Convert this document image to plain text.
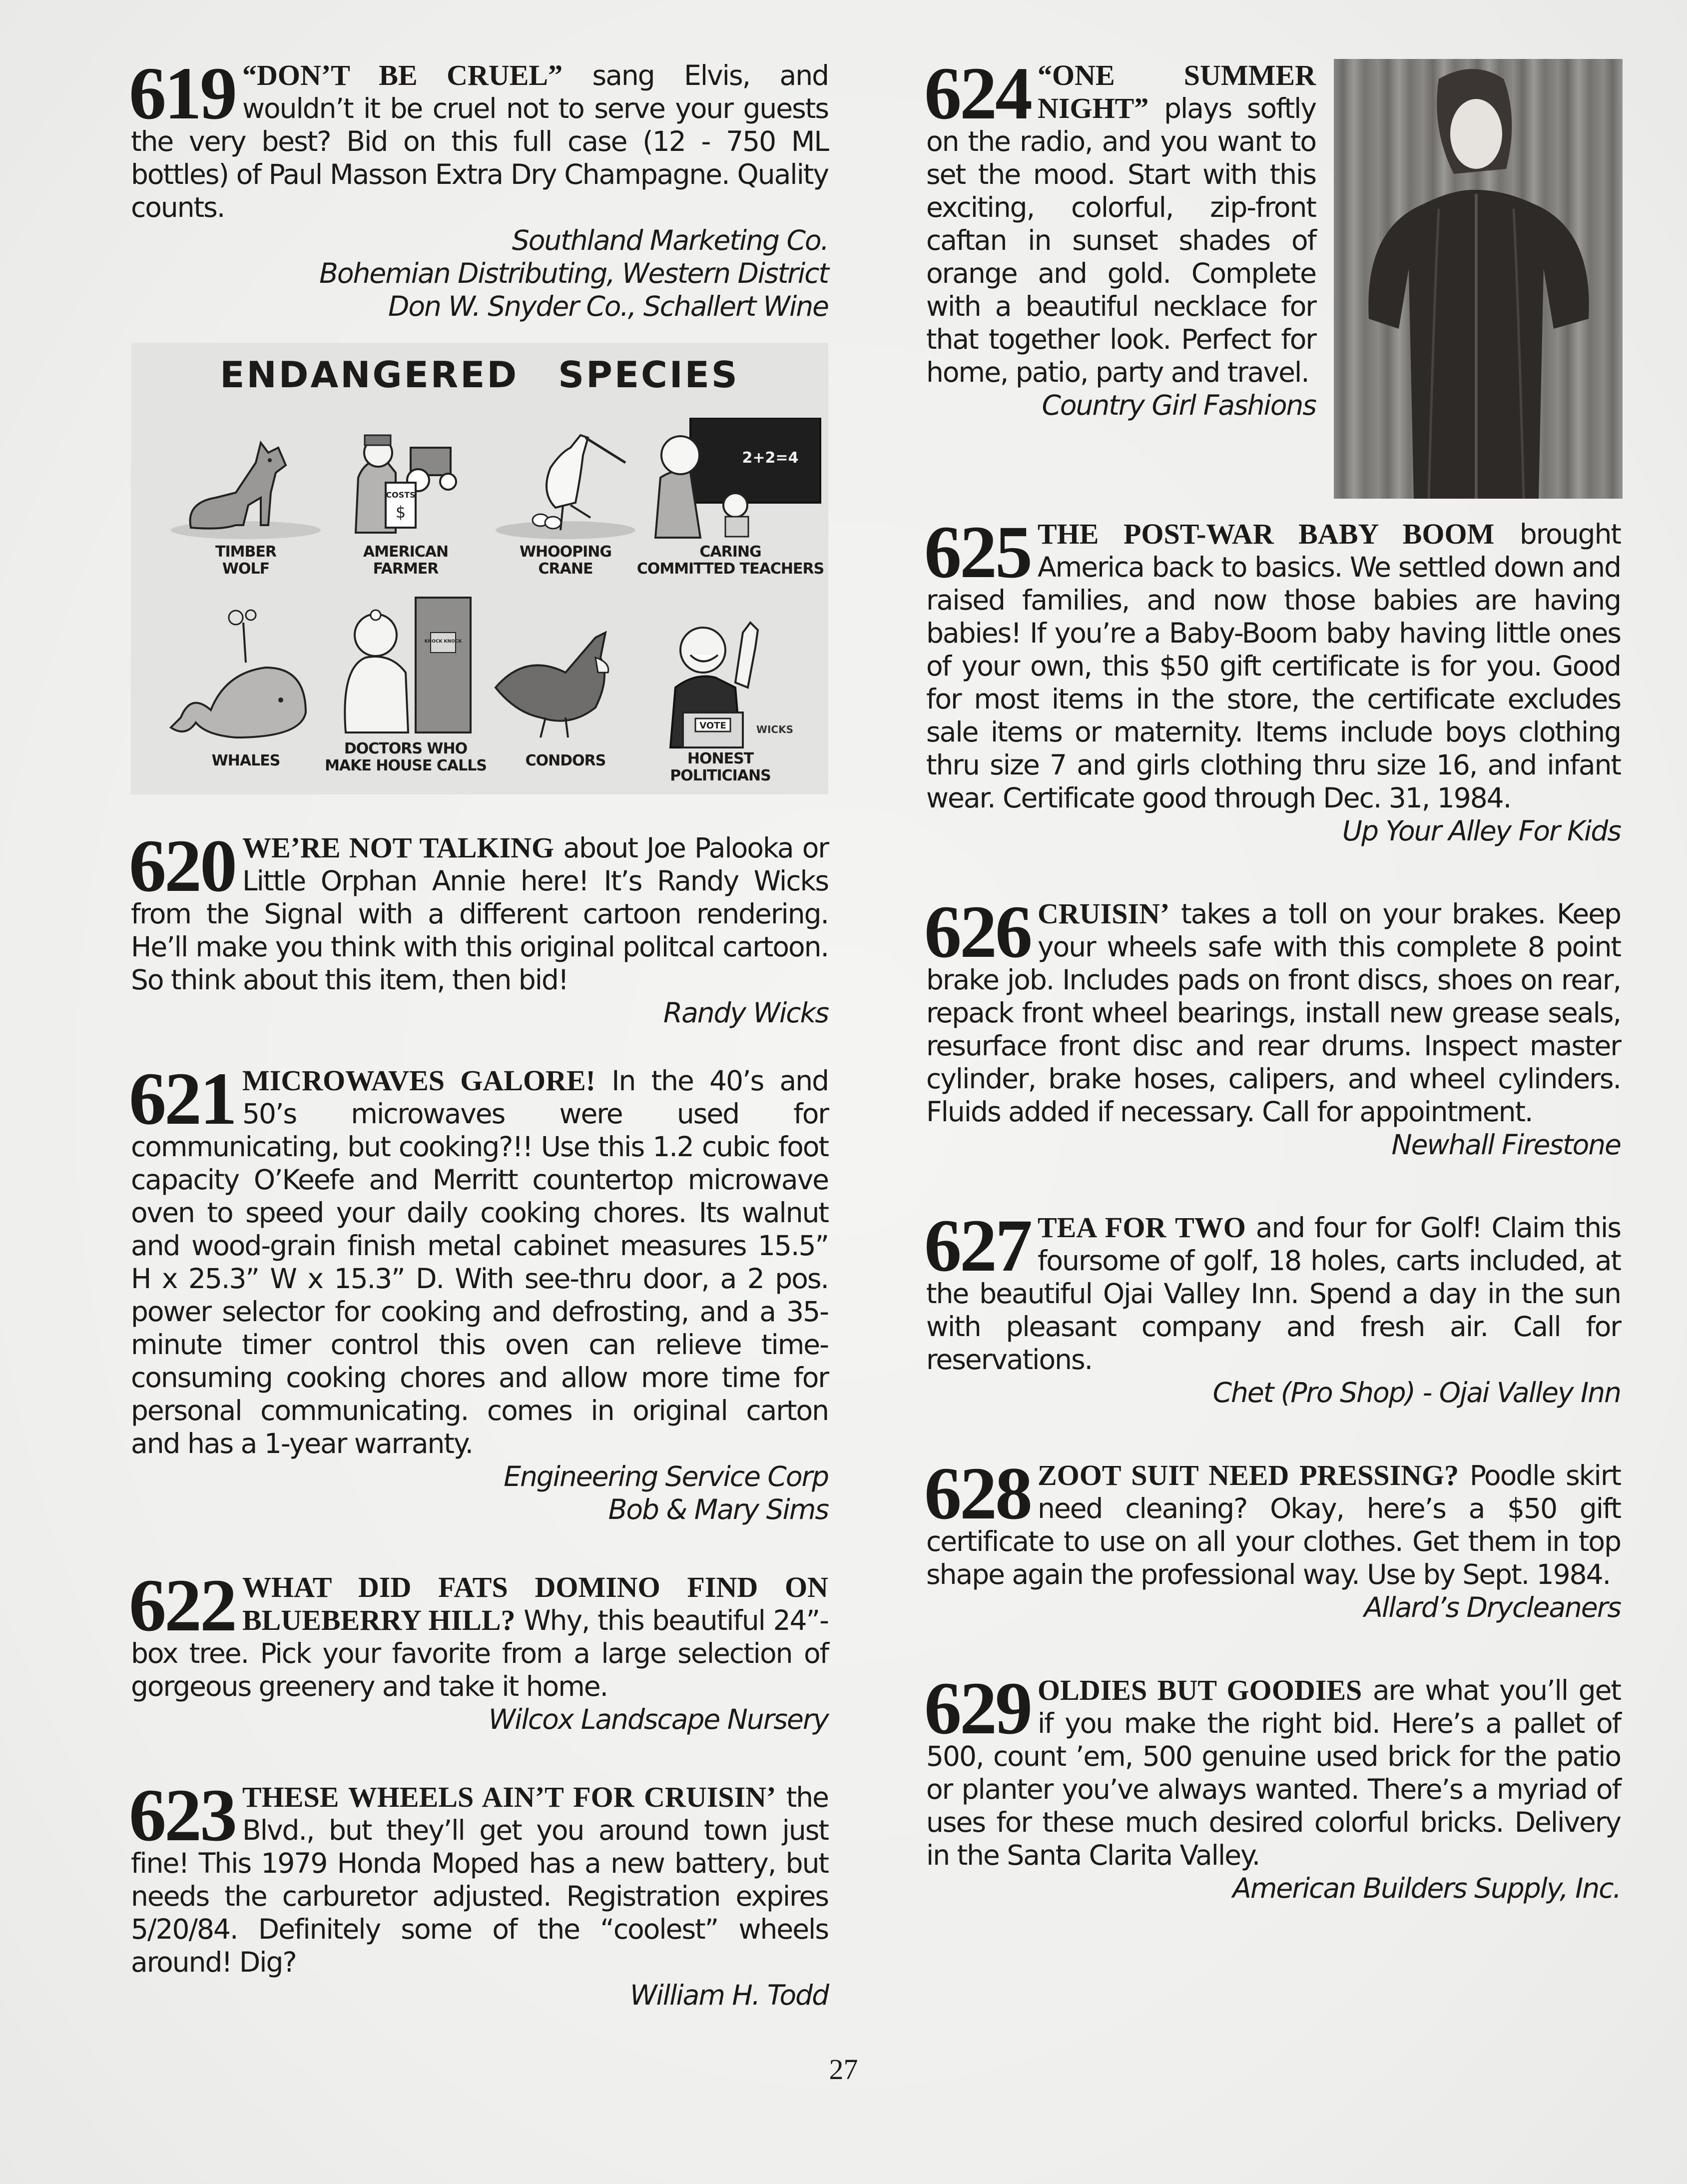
619 “DON’T BE CRUEL” sang Elvis, and wouldn’t it be cruel not to serve your guests the very best? Bid on this full case (12 - 750 ML bottles) of Paul Masson Extra Dry Champagne. Quality counts.

Southland Marketing Co.
Bohemian Distributing, Western District
Don W. Snyder Co., Schallert Wine

620 WE’RE NOT TALKING about Joe Palooka or Little Orphan Annie here! It’s Randy Wicks from the Signal with a different cartoon rendering. He’ll make you think with this original politcal cartoon. So think about this item, then bid!

Randy Wicks

621 MICROWAVES GALORE! In the 40’s and 50’s microwaves were used for communicating, but cooking?!! Use this 1.2 cubic foot capacity O’Keefe and Merritt countertop microwave oven to speed your daily cooking chores. Its walnut and wood-grain finish metal cabinet measures 15.5” H x 25.3” W x 15.3” D. With see-thru door, a 2 pos. power selector for cooking and defrosting, and a 35-minute timer control this oven can relieve time-consuming cooking chores and allow more time for personal communicating. comes in original carton and has a 1-year warranty.

Engineering Service Corp
Bob & Mary Sims

622 WHAT DID FATS DOMINO FIND ON BLUEBERRY HILL? Why, this beautiful 24”-box tree. Pick your favorite from a large selection of gorgeous greenery and take it home.

Wilcox Landscape Nursery

623 THESE WHEELS AIN’T FOR CRUISIN’ the Blvd., but they’ll get you around town just fine! This 1979 Honda Moped has a new battery, but needs the carburetor adjusted. Registration expires 5/20/84. Definitely some of the “coolest” wheels around! Dig?

William H. Todd
ENDANGERED SPECIES
TIMBER
WOLF
COSTS
$
AMERICAN
FARMER
WHOOPING
CRANE
2+2=4
CARING
COMMITTED TEACHERS
WHALES
KNOCK KNOCK
DOCTORS WHO
MAKE HOUSE CALLS	CONDORS
VOTE
HONEST
POLITICIANS
WICKS

624 “ONE SUMMER NIGHT” plays softly on the radio, and you want to set the mood. Start with this exciting, colorful, zip-front caftan in sunset shades of orange and gold. Complete with a beautiful necklace for that together look. Perfect for home, patio, party and travel.

Country Girl Fashions

625 THE POST-WAR BABY BOOM brought America back to basics. We settled down and raised families, and now those babies are having babies! If you’re a Baby-Boom baby having little ones of your own, this $50 gift certificate is for you. Good for most items in the store, the certificate excludes sale items or maternity. Items include boys clothing thru size 7 and girls clothing thru size 16, and infant wear. Certificate good through Dec. 31, 1984.

Up Your Alley For Kids

626 CRUISIN’ takes a toll on your brakes. Keep your wheels safe with this complete 8 point brake job. Includes pads on front discs, shoes on rear, repack front wheel bearings, install new grease seals, resurface front disc and rear drums. Inspect master cylinder, brake hoses, calipers, and wheel cylinders. Fluids added if necessary. Call for appointment.

Newhall Firestone

627 TEA FOR TWO and four for Golf! Claim this foursome of golf, 18 holes, carts included, at the beautiful Ojai Valley Inn. Spend a day in the sun with pleasant company and fresh air. Call for reservations.

Chet (Pro Shop) - Ojai Valley Inn

628 ZOOT SUIT NEED PRESSING? Poodle skirt need cleaning? Okay, here’s a $50 gift certificate to use on all your clothes. Get them in top shape again the professional way. Use by Sept. 1984.

Allard’s Drycleaners

629 OLDIES BUT GOODIES are what you’ll get if you make the right bid. Here’s a pallet of 500, count ’em, 500 genuine used brick for the patio or planter you’ve always wanted. There’s a myriad of uses for these much desired colorful bricks. Delivery in the Santa Clarita Valley.

American Builders Supply, Inc.
27
